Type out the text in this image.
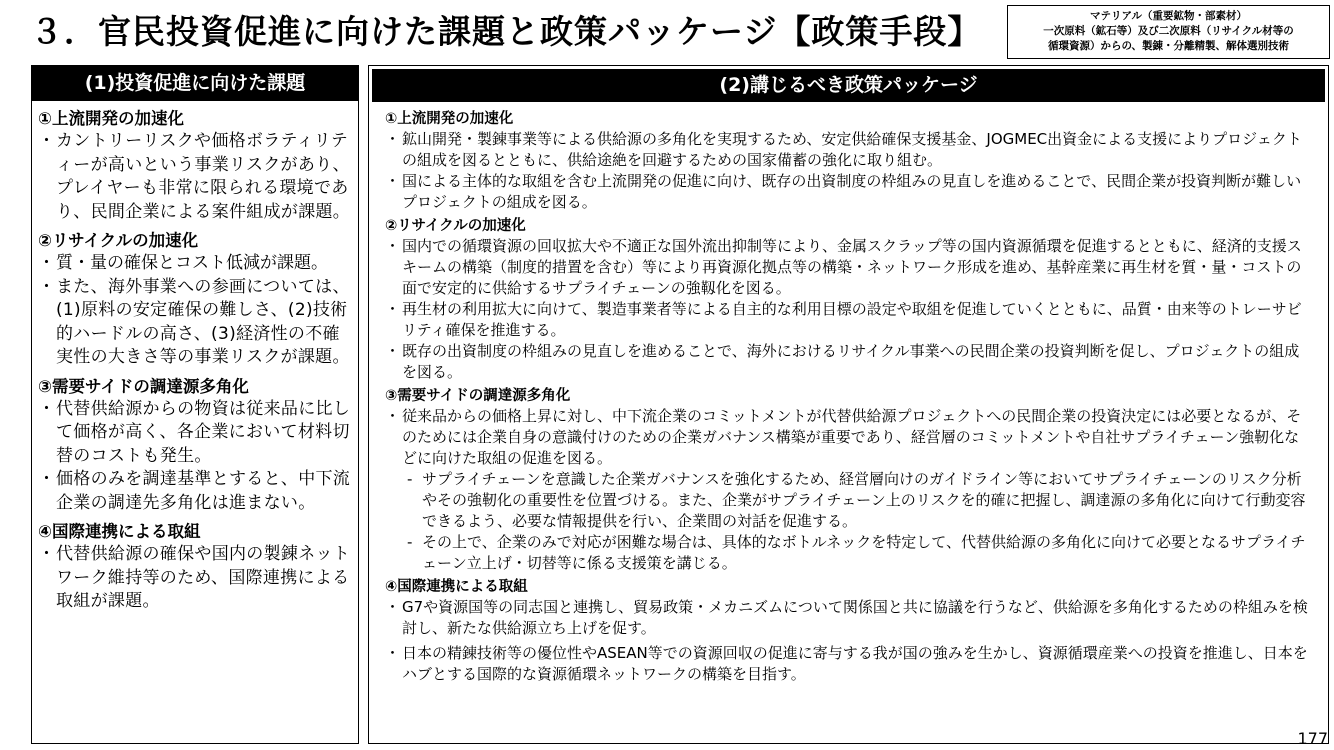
３．官民投資促進に向けた課題と政策パッケージ【政策手段】	マテリアル（重要鉱物・部素材）
一次原料（鉱石等）及び二次原料（リサイクル材等の
循環資源）からの、製錬・分離精製、解体選別技術
(1)投資促進に向けた課題
①上流開発の加速化
・ カントリーリスクや価格ボラティリティーが高いという事業リスクがあり、プレイヤーも非常に限られる環境であり、民間企業による案件組成が課題。
②リサイクルの加速化
・ 質・量の確保とコスト低減が課題。
・ また、海外事業への参画については、(1)原料の安定確保の難しさ、(2)技術的ハードルの高さ、(3)経済性の不確実性の大きさ等の事業リスクが課題。
③需要サイドの調達源多角化
・ 代替供給源からの物資は従来品に比して価格が高く、各企業において材料切替のコストも発生。
・ 価格のみを調達基準とすると、中下流企業の調達先多角化は進まない。
④国際連携による取組
・ 代替供給源の確保や国内の製錬ネットワーク維持等のため、国際連携による取組が課題。
(2)講じるべき政策パッケージ
①上流開発の加速化
・ 鉱山開発・製錬事業等による供給源の多角化を実現するため、安定供給確保支援基金、JOGMEC出資金による支援によりプロジェクトの組成を図るとともに、供給途絶を回避するための国家備蓄の強化に取り組む。
・ 国による主体的な取組を含む上流開発の促進に向け、既存の出資制度の枠組みの見直しを進めることで、民間企業が投資判断が難しいプロジェクトの組成を図る。
②リサイクルの加速化
・ 国内での循環資源の回収拡大や不適正な国外流出抑制等により、金属スクラップ等の国内資源循環を促進するとともに、経済的支援スキームの構築（制度的措置を含む）等により再資源化拠点等の構築・ネットワーク形成を進め、基幹産業に再生材を質・量・コストの面で安定的に供給するサプライチェーンの強靱化を図る。
・ 再生材の利用拡大に向けて、製造事業者等による自主的な利用目標の設定や取組を促進していくとともに、品質・由来等のトレーサビリティ確保を推進する。
・ 既存の出資制度の枠組みの見直しを進めることで、海外におけるリサイクル事業への民間企業の投資判断を促し、プロジェクトの組成を図る。
③需要サイドの調達源多角化
・ 従来品からの価格上昇に対し、中下流企業のコミットメントが代替供給源プロジェクトへの民間企業の投資決定には必要となるが、そのためには企業自身の意識付けのための企業ガバナンス構築が重要であり、経営層のコミットメントや自社サプライチェーン強靭化などに向けた取組の促進を図る。
- サプライチェーンを意識した企業ガバナンスを強化するため、経営層向けのガイドライン等においてサプライチェーンのリスク分析やその強靭化の重要性を位置づける。また、企業がサプライチェーン上のリスクを的確に把握し、調達源の多角化に向けて行動変容できるよう、必要な情報提供を行い、企業間の対話を促進する。
- その上で、企業のみで対応が困難な場合は、具体的なボトルネックを特定して、代替供給源の多角化に向けて必要となるサプライチェーン立上げ・切替等に係る支援策を講じる。
④国際連携による取組
・ G7や資源国等の同志国と連携し、貿易政策・メカニズムについて関係国と共に協議を行うなど、供給源を多角化するための枠組みを検討し、新たな供給源立ち上げを促す。
・ 日本の精錬技術等の優位性やASEAN等での資源回収の促進に寄与する我が国の強みを生かし、資源循環産業への投資を推進し、日本をハブとする国際的な資源循環ネットワークの構築を目指す。
177
